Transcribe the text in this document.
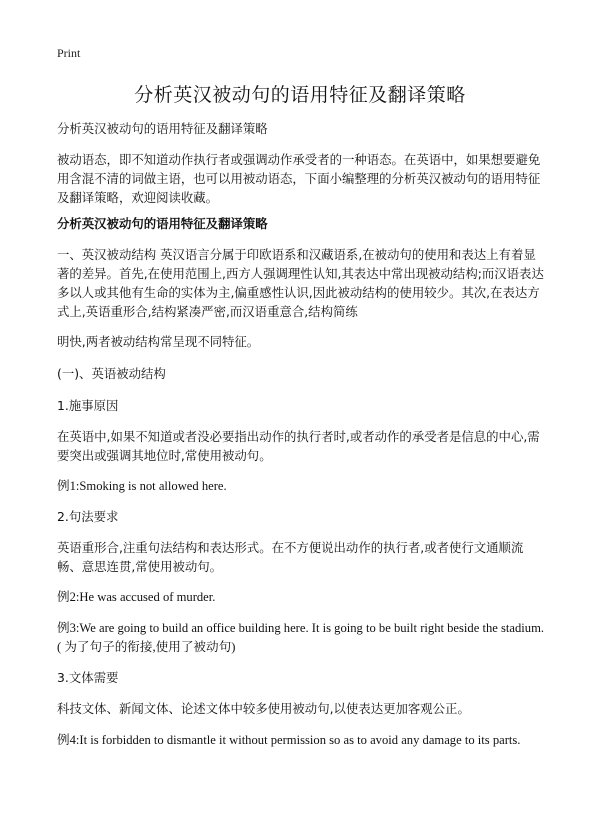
Print
分析英汉被动句的语用特征及翻译策略

分析英汉被动句的语用特征及翻译策略

被动语态，即不知道动作执行者或强调动作承受者的一种语态。在英语中，如果想要避免用含混不清的词做主语，也可以用被动语态，下面小编整理的分析英汉被动句的语用特征及翻译策略，欢迎阅读收藏。

分析英汉被动句的语用特征及翻译策略

一、英汉被动结构 英汉语言分属于印欧语系和汉藏语系,在被动句的使用和表达上有着显著的差异。首先,在使用范围上,西方人强调理性认知,其表达中常出现被动结构;而汉语表达多以人或其他有生命的实体为主,偏重感性认识,因此被动结构的使用较少。其次,在表达方式上,英语重形合,结构紧凑严密,而汉语重意合,结构简练

明快,两者被动结构常呈现不同特征。

(一)、英语被动结构

1.施事原因

在英语中,如果不知道或者没必要指出动作的执行者时,或者动作的承受者是信息的中心,需要突出或强调其地位时,常使用被动句。

例1:Smoking is not allowed here.

2.句法要求

英语重形合,注重句法结构和表达形式。在不方便说出动作的执行者,或者使行文通顺流畅、意思连贯,常使用被动句。

例2:He was accused of murder.

例3:We are going to build an office building here. It is going to be built right beside the stadium.( 为了句子的衔接,使用了被动句)

3.文体需要

科技文体、新闻文体、论述文体中较多使用被动句,以使表达更加客观公正。

例4:It is forbidden to dismantle it without permission so as to avoid any damage to its parts.
